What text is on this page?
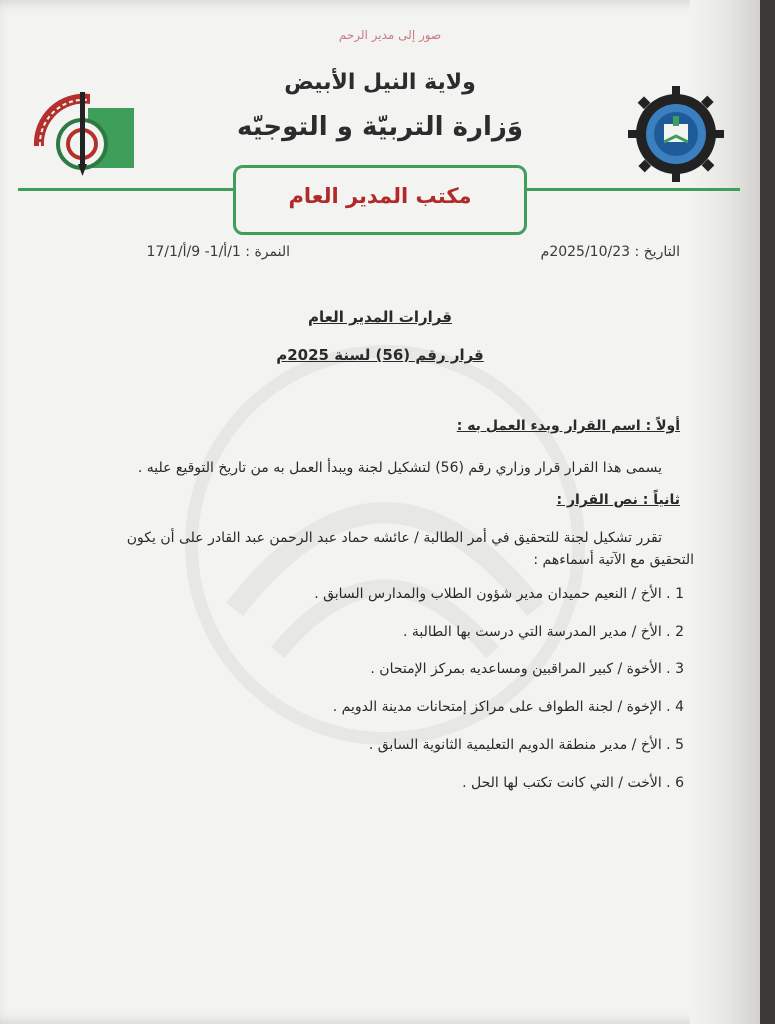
صور إلى مدير الرحم
ولاية النيل الأبيض
وَزارة التربيّة و التوجيّه
مكتب المدير العام
التاريخ : 2025/10/23م
النمرة : 1/أ/1- 9/أ/17/1
قرارات المدير العام
قرار رقم (56) لسنة 2025م
أولاً : اسم القرار وبدء العمل به :
يسمى هذا القرار قرار وزاري رقم (56) لتشكيل لجنة ويبدأ العمل به من تاريخ التوقيع عليه .
ثانياً : نص القرار :
تقرر تشكيل لجنة للتحقيق في أمر الطالبة / عائشه حماد عبد الرحمن عبد القادر على أن يكون
التحقيق مع الآتية أسماءهم :
1 . الأخ / النعيم حميدان مدير شؤون الطلاب والمدارس السابق .
2 . الأخ / مدير المدرسة التي درست بها الطالبة .
3 . الأخوة / كبير المراقبين ومساعديه بمركز الإمتحان .
4 . الإخوة / لجنة الطواف على مراكز إمتحانات مدينة الدويم .
5 . الأخ / مدير منطقة الدويم التعليمية الثانوية السابق .
6 . الأخت / التي كانت تكتب لها الحل .
